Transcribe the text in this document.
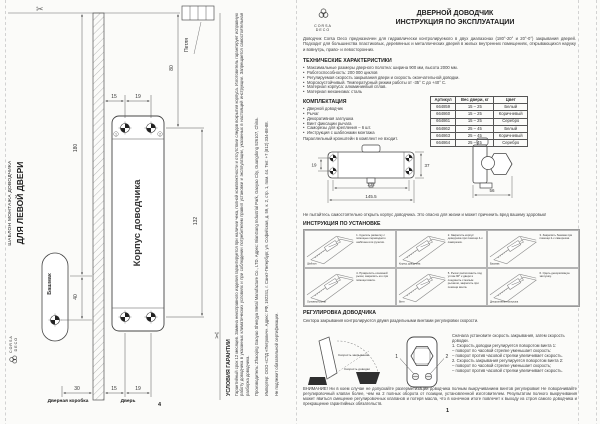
Петля
1	2
Корпус доводчика
Башмак
180
40
15	19
80
132
30	15	19
19	37
132
145.5
56
Скорость закрывания
Скорость доводки
1	2
✂
✂
ШАБЛОН МОНТАЖА ДОВОДЧИКА ДЛЯ ЛЕВОЙ ДВЕРИ
CORSA DECO
Дверная коробка	Дверь
4
УСЛОВИЯ ГАРАНТИИ Гарантийный срок 12 месяцев. Замена неисправного изделия гарантируется при наличии чека, полной комплектности и отсутствии следов вскрытия корпуса. Изготовитель гарантирует исправную работу доводчика в указанных климатических условиях и при соблюдении потребителем правил установки и эксплуатации, указанных в настоящей инструкции. Запрещается самостоятельная разборка доводчика. Производитель: Zhaoqing Gaoyao Shengya Metal Manufacture Co., LTD. Адрес: BianGang Industrial Park, Gaoyao City, Guangdong 526107, China. Импортер: ООО «СТД «Петрович». Адрес: РФ, 192241, г. Санкт-Петербург, ул. Софийская, д. 59, к. 2, стр. 1, пом. 44. Тел: +7 (812) 334-88-88. Не подлежит обязательной сертификации.
CORSA
DECO
ДВЕРНОЙ ДОВОДЧИК
ИНСТРУКЦИЯ ПО ЭКСПЛУАТАЦИИ
Доводчик Corsa Deco предназначен для гидравлически контролируемого в двух диапазонах (180°-20° и 20°-0°) закрывания дверей. Подходит для большинства пластиковых, деревянных и металлических дверей в жилых внутренних помещениях, открывающихся наружу и вовнутрь, право- и левосторонних.
ТЕХНИЧЕСКИЕ ХАРАКТЕРИСТИКИ
• Максимальные размеры дверного полотна: ширина 900 мм, высота 2000 мм.
• Работоспособность: 200 000 циклов
• Регулируемая скорость закрывания двери и скорость окончательной доводки.
• Морозоустойчивый. Температурный режим работы от -35° С до +40° С.
• Материал корпуса: алюминиевый сплав.
• Материал механизма: сталь
КОМПЛЕКТАЦИЯ
• Дверной доводчик
• Рычаг
• Декоративная заглушка
• Винт фиксации рычага
• Саморезы для крепления – 6 шт.
• Инструкция с шаблонами монтажа
Параллельный кронштейн в комплект не входит.
Артикул	Вес двери, кг	Цвет
664859	15 – 25	Белый
664860	15 – 25	Коричневый
664861	15 – 25	Серебро
664862	25 – 45	Белый
664863	25 – 45	Коричневый
664864	25 – 45	Серебро
Не пытайтесь самостоятельно открыть корпус доводчика. Это опасно для жизни и может причинить вред вашему здоровью!
ИНСТРУКЦИЯ ПО УСТАНОВКЕ
Шаблон
1. Сделать разметку с помощью переводного шаблона или рулетки.
Корпус доводчика
2. Закрепить корпус доводчика при помощи 4-х саморезов.
Башмак
3. Закрепить башмак при помощи 2-х саморезов.
Основной рычаг
4. Прикрепить основной рычаг, закрепить его при помощи винта.
Винт
5. Рычаг расположить под углом 90° к двери и соединить с малым рычагом, закрепить при помощи винта.
Декоративная заглушка
6. Одеть декоративную заглушку.
РЕГУЛИРОВКА ДОВОДЧИКА
Сектора закрывания контролируются двумя раздельными винтами регулировки скорости.
Сначала установите скорость закрывания, затем скорость доводки.
1. Скорость доводки регулируется поворотом винта 1:
– поворот по часовой стрелке уменьшает скорость:
– поворот против часовой стрелки увеличивает скорость.
2. Скорость закрывания регулируется поворотом винта 2:
– поворот по часовой стрелке уменьшает скорость;
– поворот против часовой стрелки увеличивает скорость.
ВНИМАНИЕ! Ни в коем случае не допускайте разгерметизации доводчика полным выкручиванием винтов регулировки! Не поворачивайте регулировочный клапан более, чем на 2 полных оборота от позиции, установленной изготовителем. Результатом полного выкручивания может явиться смещение регулировочных клапанов и потеря масла, что в конечном итоге повлечет к выходу из строя самого доводчика и прекращение гарантийных обязательств.
1
